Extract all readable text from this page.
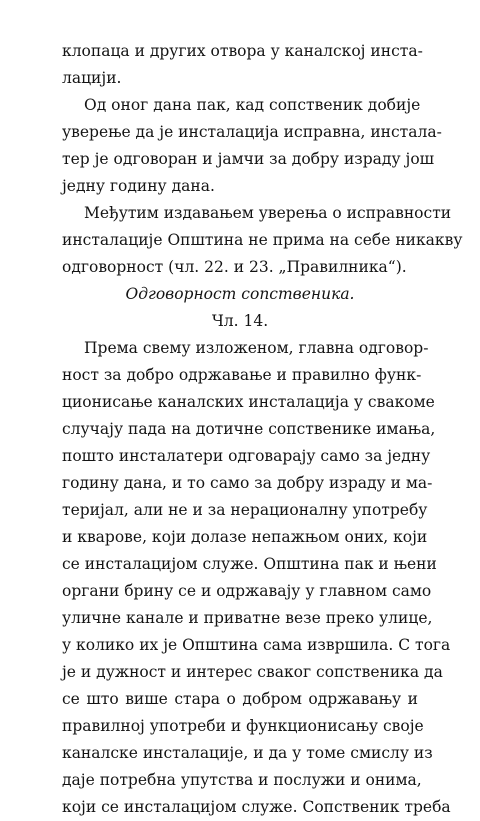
клопаца и других отвора у каналској инста-
лацији.
Од оног дана пак, кад сопственик добије
уверење да је инсталација исправна, инстала-
тер је одговоран и јамчи за добру израду још
једну годину дана.
Међутим издавањем уверења о исправности
инсталације Општина не прима на себе никакву
одговорност (чл. 22. и 23. „Правилника“).
Одговорност сопственика.
Чл. 14.
Према свему изложеном, главна одговор-
ност за добро одржавање и правилно функ-
ционисање каналских инсталација у свакоме
случају пада на дотичне сопственике имања,
пошто инсталатери одговарају само за једну
годину дана, и то само за добру израду и ма-
теријал, али не и за нерационалну употребу
и кварове, који долазе непажњом оних, који
се инсталацијом служе. Општина пак и њени
органи брину се и одржавају у главном само
уличне канале и приватне везе преко улице,
у колико их је Општина сама извршила. С тога
је и дужност и интерес сваког сопственика да
се што више стара о добром одржавању и
правилној употреби и функционисању своје
каналске инсталације, и да у томе смислу из
даје потребна упутства и послужи и онима,
који се инсталацијом служе. Сопственик треба
